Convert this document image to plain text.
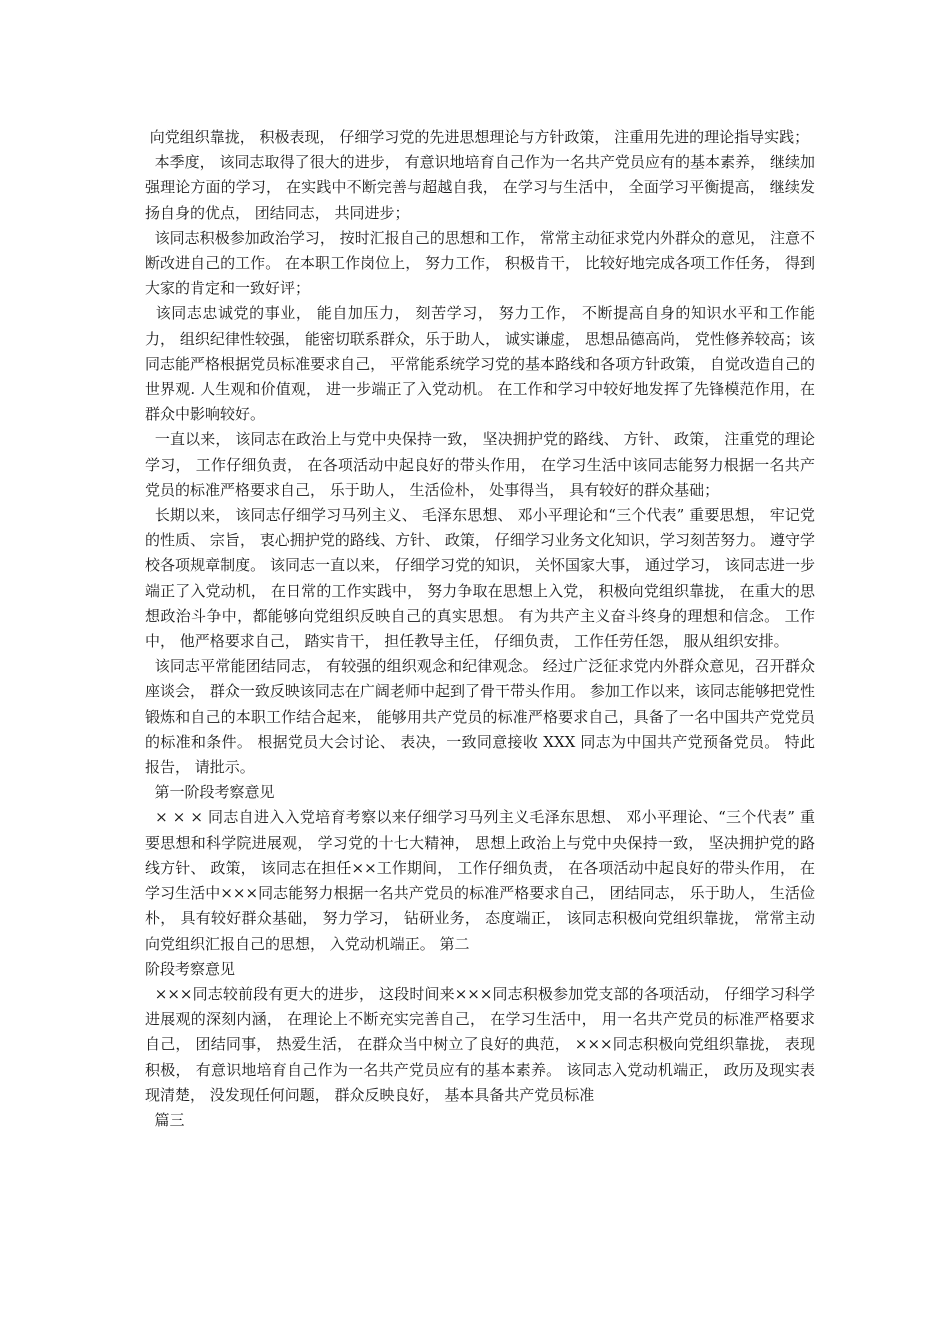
向党组织靠拢， 积极表现， 仔细学习党的先进思想理论与方针政策， 注重用先进的理论指导实践；

本季度， 该同志取得了很大的进步， 有意识地培育自己作为一名共产党员应有的基本素养， 继续加强理论方面的学习， 在实践中不断完善与超越自我， 在学习与生活中， 全面学习平衡提高， 继续发扬自身的优点， 团结同志， 共同进步；

该同志积极参加政治学习， 按时汇报自己的思想和工作， 常常主动征求党内外群众的意见， 注意不断改进自己的工作。 在本职工作岗位上， 努力工作， 积极肯干， 比较好地完成各项工作任务， 得到大家的肯定和一致好评；

该同志忠诚党的事业， 能自加压力， 刻苦学习， 努力工作， 不断提高自身的知识水平和工作能力， 组织纪律性较强， 能密切联系群众，乐于助人， 诚实谦虚， 思想品德高尚， 党性修养较高；该同志能严格根据党员标准要求自己， 平常能系统学习党的基本路线和各项方针政策， 自觉改造自己的世界观. 人生观和价值观， 进一步端正了入党动机。 在工作和学习中较好地发挥了先锋模范作用，在群众中影响较好。

一直以来， 该同志在政治上与党中央保持一致， 坚决拥护党的路线、 方针、 政策， 注重党的理论学习， 工作仔细负责， 在各项活动中起良好的带头作用， 在学习生活中该同志能努力根据一名共产党员的标准严格要求自己， 乐于助人， 生活俭朴， 处事得当， 具有较好的群众基础；

长期以来， 该同志仔细学习马列主义、 毛泽东思想、 邓小平理论和“三个代表” 重要思想， 牢记党的性质、 宗旨， 衷心拥护党的路线、方针、 政策， 仔细学习业务文化知识，学习刻苦努力。 遵守学校各项规章制度。 该同志一直以来， 仔细学习党的知识， 关怀国家大事， 通过学习， 该同志进一步端正了入党动机， 在日常的工作实践中， 努力争取在思想上入党， 积极向党组织靠拢， 在重大的思想政治斗争中，都能够向党组织反映自己的真实思想。 有为共产主义奋斗终身的理想和信念。 工作中， 他严格要求自己， 踏实肯干， 担任教导主任， 仔细负责， 工作任劳任怨， 服从组织安排。

该同志平常能团结同志， 有较强的组织观念和纪律观念。 经过广泛征求党内外群众意见，召开群众座谈会， 群众一致反映该同志在广阔老师中起到了骨干带头作用。 参加工作以来，该同志能够把党性锻炼和自己的本职工作结合起来， 能够用共产党员的标准严格要求自己，具备了一名中国共产党党员的标准和条件。 根据党员大会讨论、 表决，一致同意接收 XXX 同志为中国共产党预备党员。 特此报告， 请批示。

第一阶段考察意见

× × × 同志自进入入党培育考察以来仔细学习马列主义毛泽东思想、 邓小平理论、“三个代表” 重要思想和科学院进展观， 学习党的十七大精神， 思想上政治上与党中央保持一致， 坚决拥护党的路线方针、 政策， 该同志在担任××工作期间， 工作仔细负责， 在各项活动中起良好的带头作用， 在学习生活中×××同志能努力根据一名共产党员的标准严格要求自己， 团结同志， 乐于助人， 生活俭朴， 具有较好群众基础， 努力学习， 钻研业务， 态度端正， 该同志积极向党组织靠拢， 常常主动向党组织汇报自己的思想， 入党动机端正。 第二

阶段考察意见

×××同志较前段有更大的进步， 这段时间来×××同志积极参加党支部的各项活动， 仔细学习科学进展观的深刻内涵， 在理论上不断充实完善自己， 在学习生活中， 用一名共产党员的标准严格要求自己， 团结同事， 热爱生活， 在群众当中树立了良好的典范， ×××同志积极向党组织靠拢， 表现积极， 有意识地培育自己作为一名共产党员应有的基本素养。 该同志入党动机端正， 政历及现实表现清楚， 没发现任何问题， 群众反映良好， 基本具备共产党员标准

篇三
